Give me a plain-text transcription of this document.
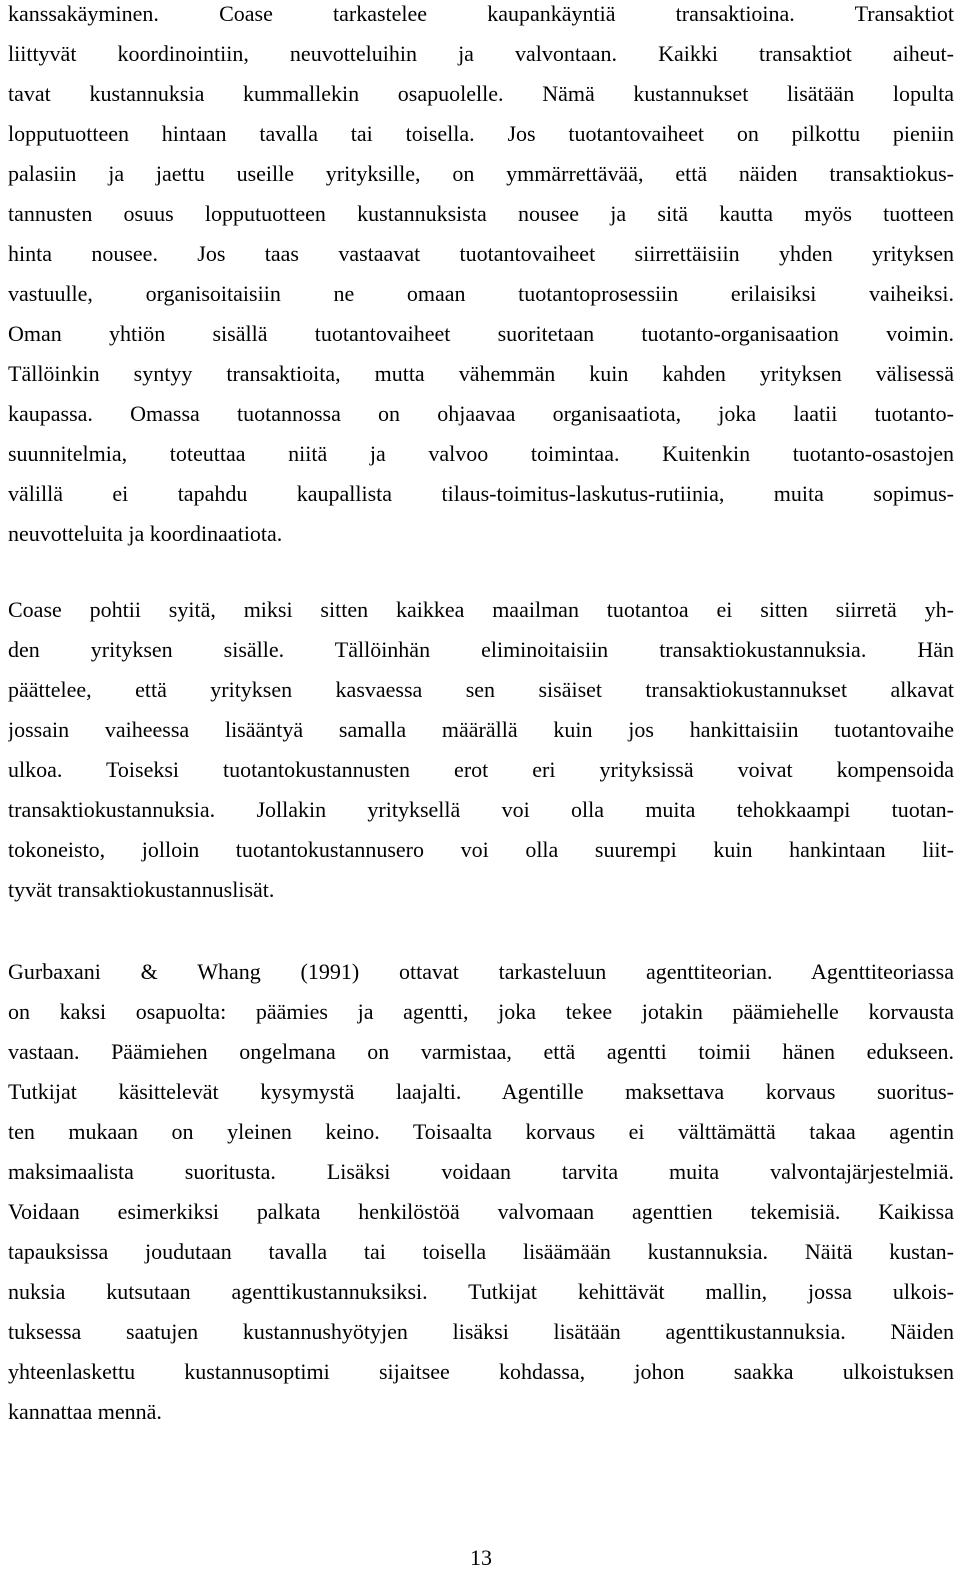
kanssakäyminen. Coase tarkastelee kaupankäyntiä transaktioina. Transaktiot
liittyvät koordinointiin, neuvotteluihin ja valvontaan. Kaikki transaktiot aiheut-
tavat kustannuksia kummallekin osapuolelle. Nämä kustannukset lisätään lopulta
lopputuotteen hintaan tavalla tai toisella. Jos tuotantovaiheet on pilkottu pieniin
palasiin ja jaettu useille yrityksille, on ymmärrettävää, että näiden transaktiokus-
tannusten osuus lopputuotteen kustannuksista nousee ja sitä kautta myös tuotteen
hinta nousee. Jos taas vastaavat tuotantovaiheet siirrettäisiin yhden yrityksen
vastuulle, organisoitaisiin ne omaan tuotantoprosessiin erilaisiksi vaiheiksi.
Oman yhtiön sisällä tuotantovaiheet suoritetaan tuotanto-organisaation voimin.
Tällöinkin syntyy transaktioita, mutta vähemmän kuin kahden yrityksen välisessä
kaupassa. Omassa tuotannossa on ohjaavaa organisaatiota, joka laatii tuotanto-
suunnitelmia, toteuttaa niitä ja valvoo toimintaa. Kuitenkin tuotanto-osastojen
välillä ei tapahdu kaupallista tilaus-toimitus-laskutus-rutiinia, muita sopimus-
neuvotteluita ja koordinaatiota.
Coase pohtii syitä, miksi sitten kaikkea maailman tuotantoa ei sitten siirretä yh-
den yrityksen sisälle. Tällöinhän eliminoitaisiin transaktiokustannuksia. Hän
päättelee, että yrityksen kasvaessa sen sisäiset transaktiokustannukset alkavat
jossain vaiheessa lisääntyä samalla määrällä kuin jos hankittaisiin tuotantovaihe
ulkoa. Toiseksi tuotantokustannusten erot eri yrityksissä voivat kompensoida
transaktiokustannuksia. Jollakin yrityksellä voi olla muita tehokkaampi tuotan-
tokoneisto, jolloin tuotantokustannusero voi olla suurempi kuin hankintaan liit-
tyvät transaktiokustannuslisät.
Gurbaxani & Whang (1991) ottavat tarkasteluun agenttiteorian. Agenttiteoriassa
on kaksi osapuolta: päämies ja agentti, joka tekee jotakin päämiehelle korvausta
vastaan. Päämiehen ongelmana on varmistaa, että agentti toimii hänen edukseen.
Tutkijat käsittelevät kysymystä laajalti. Agentille maksettava korvaus suoritus-
ten mukaan on yleinen keino. Toisaalta korvaus ei välttämättä takaa agentin
maksimaalista suoritusta. Lisäksi voidaan tarvita muita valvontajärjestelmiä.
Voidaan esimerkiksi palkata henkilöstöä valvomaan agenttien tekemisiä. Kaikissa
tapauksissa joudutaan tavalla tai toisella lisäämään kustannuksia. Näitä kustan-
nuksia kutsutaan agenttikustannuksiksi. Tutkijat kehittävät mallin, jossa ulkois-
tuksessa saatujen kustannushyötyjen lisäksi lisätään agenttikustannuksia. Näiden
yhteenlaskettu kustannusoptimi sijaitsee kohdassa, johon saakka ulkoistuksen
kannattaa mennä.
13
